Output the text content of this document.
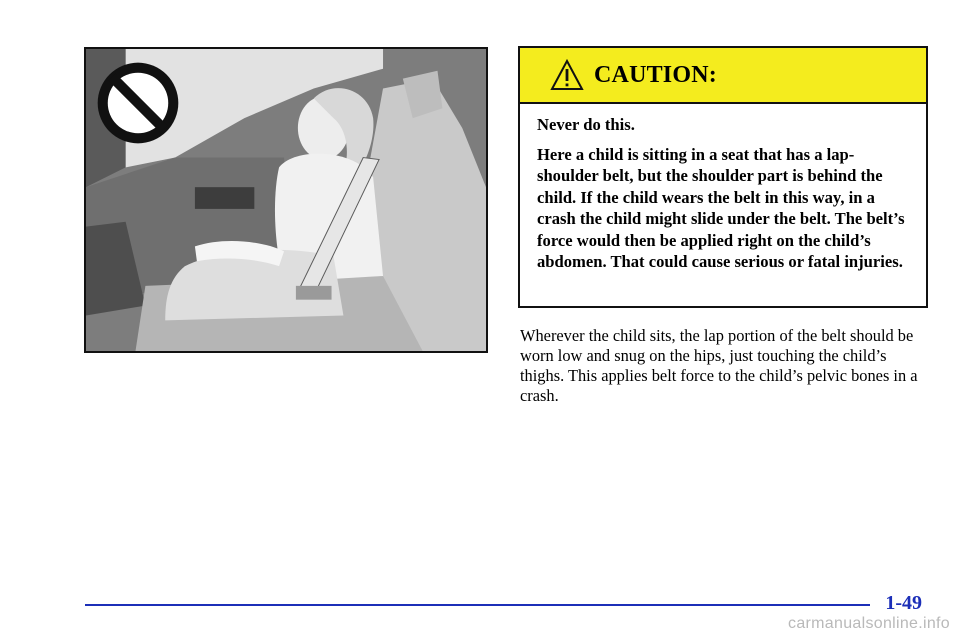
CAUTION:

Never do this.

Here a child is sitting in a seat that has a lap-shoulder belt, but the shoulder part is behind the child. If the child wears the belt in this way, in a crash the child might slide under the belt. The belt’s force would then be applied right on the child’s abdomen. That could cause serious or fatal injuries.

Wherever the child sits, the lap portion of the belt should be worn low and snug on the hips, just touching the child’s thighs. This applies belt force to the child’s pelvic bones in a crash.

1-49
carmanualsonline.info
